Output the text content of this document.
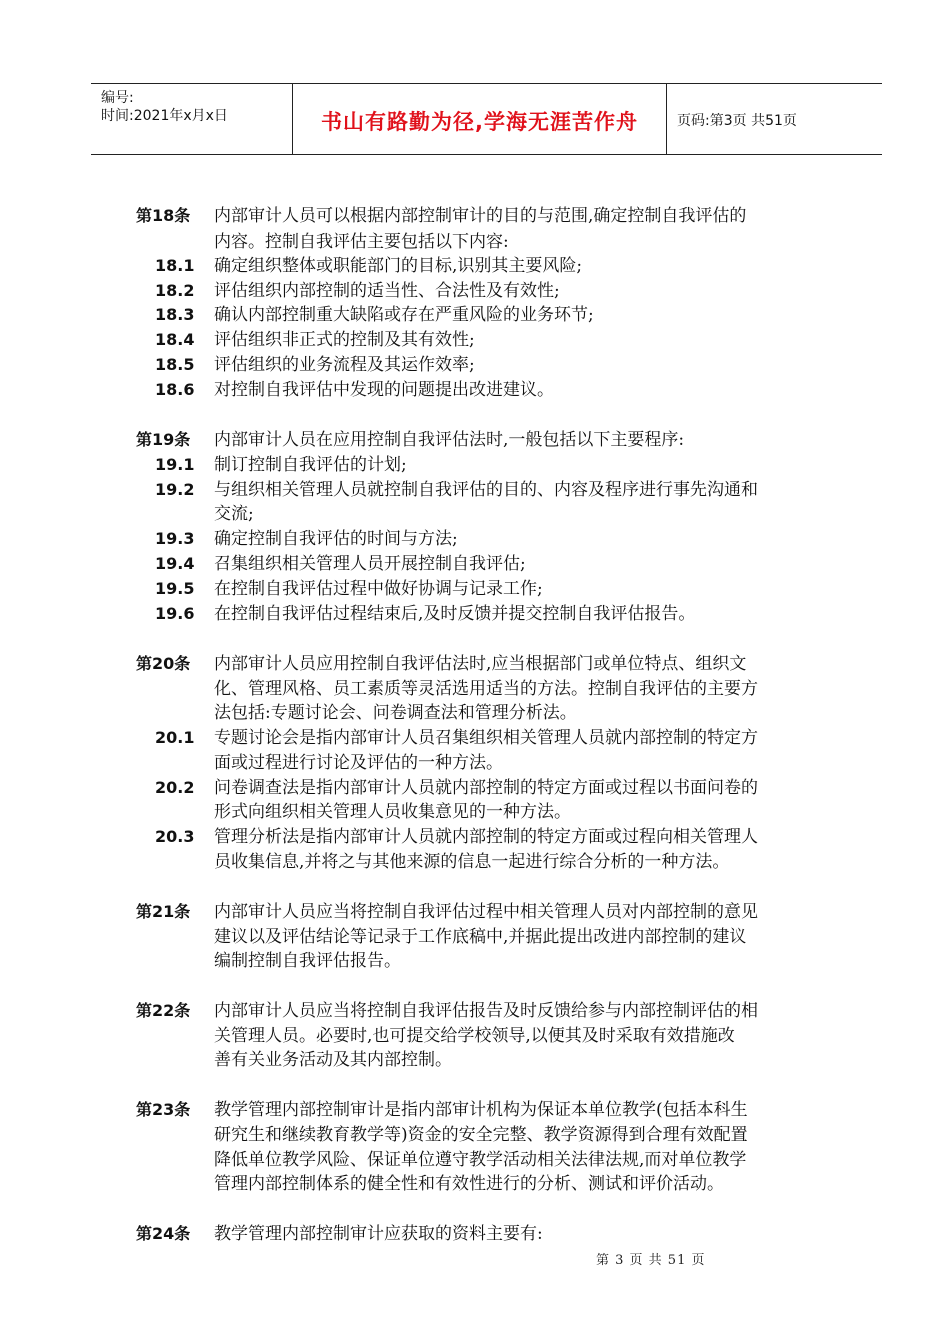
编号:
时间:2021年x月x日	书山有路勤为径,学海无涯苦作舟	页码:第3页 共51页
第18条 内部审计人员可以根据内部控制审计的目的与范围,确定控制自我评估的
内容。控制自我评估主要包括以下内容:
18.1 确定组织整体或职能部门的目标,识别其主要风险;
18.2 评估组织内部控制的适当性、合法性及有效性;
18.3 确认内部控制重大缺陷或存在严重风险的业务环节;
18.4 评估组织非正式的控制及其有效性;
18.5 评估组织的业务流程及其运作效率;
18.6 对控制自我评估中发现的问题提出改进建议。
第19条 内部审计人员在应用控制自我评估法时,一般包括以下主要程序:
19.1 制订控制自我评估的计划;
19.2 与组织相关管理人员就控制自我评估的目的、内容及程序进行事先沟通和
交流;
19.3 确定控制自我评估的时间与方法;
19.4 召集组织相关管理人员开展控制自我评估;
19.5 在控制自我评估过程中做好协调与记录工作;
19.6 在控制自我评估过程结束后,及时反馈并提交控制自我评估报告。
第20条 内部审计人员应用控制自我评估法时,应当根据部门或单位特点、组织文
化、管理风格、员工素质等灵活选用适当的方法。控制自我评估的主要方
法包括:专题讨论会、问卷调查法和管理分析法。
20.1 专题讨论会是指内部审计人员召集组织相关管理人员就内部控制的特定方
面或过程进行讨论及评估的一种方法。
20.2 问卷调查法是指内部审计人员就内部控制的特定方面或过程以书面问卷的
形式向组织相关管理人员收集意见的一种方法。
20.3 管理分析法是指内部审计人员就内部控制的特定方面或过程向相关管理人
员收集信息,并将之与其他来源的信息一起进行综合分析的一种方法。
第21条 内部审计人员应当将控制自我评估过程中相关管理人员对内部控制的意见
建议以及评估结论等记录于工作底稿中,并据此提出改进内部控制的建议
编制控制自我评估报告。
第22条 内部审计人员应当将控制自我评估报告及时反馈给参与内部控制评估的相
关管理人员。必要时,也可提交给学校领导,以便其及时采取有效措施改
善有关业务活动及其内部控制。
第23条 教学管理内部控制审计是指内部审计机构为保证本单位教学(包括本科生
研究生和继续教育教学等)资金的安全完整、教学资源得到合理有效配置
降低单位教学风险、保证单位遵守教学活动相关法律法规,而对单位教学
管理内部控制体系的健全性和有效性进行的分析、测试和评价活动。
第24条 教学管理内部控制审计应获取的资料主要有:
第 3 页 共 51 页
